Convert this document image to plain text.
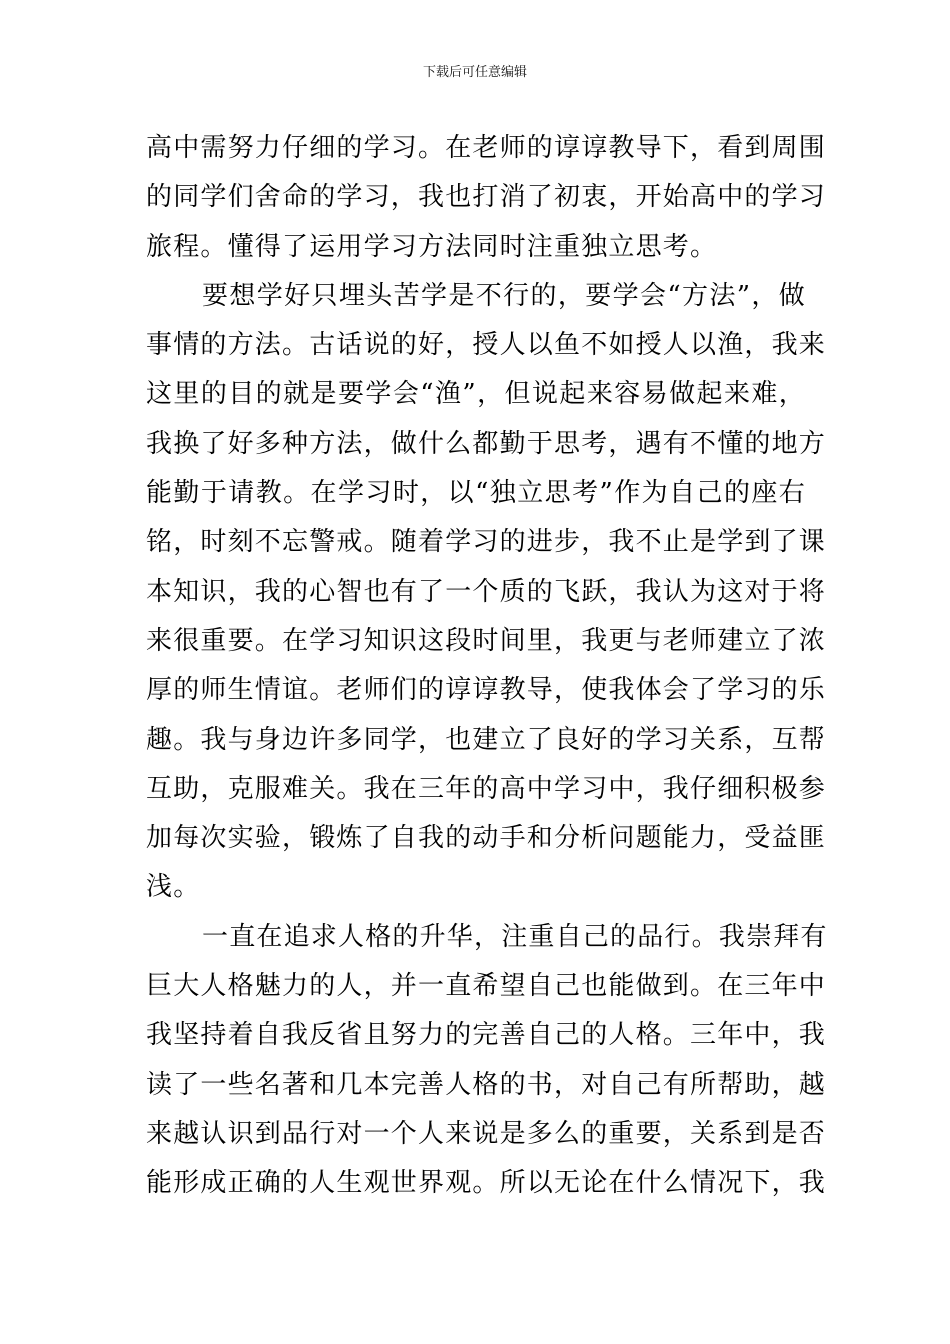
下载后可任意编辑
高中需努力仔细的学习。在老师的谆谆教导下，看到周围
的同学们舍命的学习，我也打消了初衷，开始高中的学习
旅程。懂得了运用学习方法同时注重独立思考。
要想学好只埋头苦学是不行的，要学会“方法”，做
事情的方法。古话说的好，授人以鱼不如授人以渔，我来
这里的目的就是要学会“渔”，但说起来容易做起来难，
我换了好多种方法，做什么都勤于思考，遇有不懂的地方
能勤于请教。在学习时，以“独立思考”作为自己的座右
铭，时刻不忘警戒。随着学习的进步，我不止是学到了课
本知识，我的心智也有了一个质的飞跃，我认为这对于将
来很重要。在学习知识这段时间里，我更与老师建立了浓
厚的师生情谊。老师们的谆谆教导，使我体会了学习的乐
趣。我与身边许多同学，也建立了良好的学习关系，互帮
互助，克服难关。我在三年的高中学习中，我仔细积极参
加每次实验，锻炼了自我的动手和分析问题能力，受益匪
浅。
一直在追求人格的升华，注重自己的品行。我崇拜有
巨大人格魅力的人，并一直希望自己也能做到。在三年中
我坚持着自我反省且努力的完善自己的人格。三年中，我
读了一些名著和几本完善人格的书，对自己有所帮助，越
来越认识到品行对一个人来说是多么的重要，关系到是否
能形成正确的人生观世界观。所以无论在什么情况下，我
